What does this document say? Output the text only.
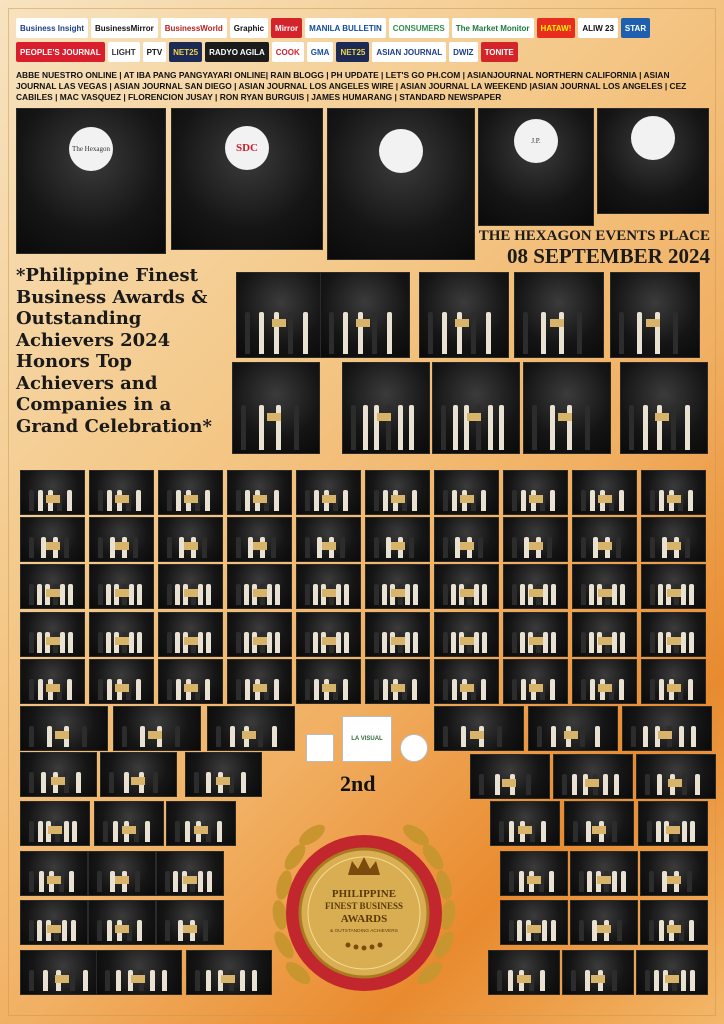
Business Insight	BusinessMirror	BusinessWorld	Graphic	Mirror	MANILA BULLETIN	CONSUMERS	The Market Monitor	HATAW!	ALIW 23	STAR
PEOPLE'S JOURNAL	LIGHT	PTV	NET25	RADYO AGILA	COOK	GMA	NET25	ASIAN JOURNAL	DWIZ	TONITE
ABBE NUESTRO ONLINE | AT IBA PANG PANGYAYARI ONLINE| RAIN BLOGG | PH UPDATE | LET'S GO PH.COM | ASIANJOURNAL NORTHERN CALIFORNIA | ASIAN JOURNAL LAS VEGAS | ASIAN JOURNAL SAN DIEGO | ASIAN JOURNAL LOS ANGELES WIRE | ASIAN JOURNAL LA WEEKEND |ASIAN JOURNAL LOS ANGELES | CEZ CABILES | MAC VASQUEZ | FLORENCION JUSAY | RON RYAN BURGUIS | JAMES HUMARANG | STANDARD NEWSPAPER
The Hexagon	SDC
J.P.
THE HEXAGON EVENTS PLACE
08 SEPTEMBER 2024
*Philippine Finest Business Awards & Outstanding Achievers 2024 Honors Top Achievers and Companies in a Grand Celebration*
LA VISUAL
2nd
PHILIPPINE
FINEST BUSINESS
AWARDS
& OUTSTANDING ACHIEVERS
